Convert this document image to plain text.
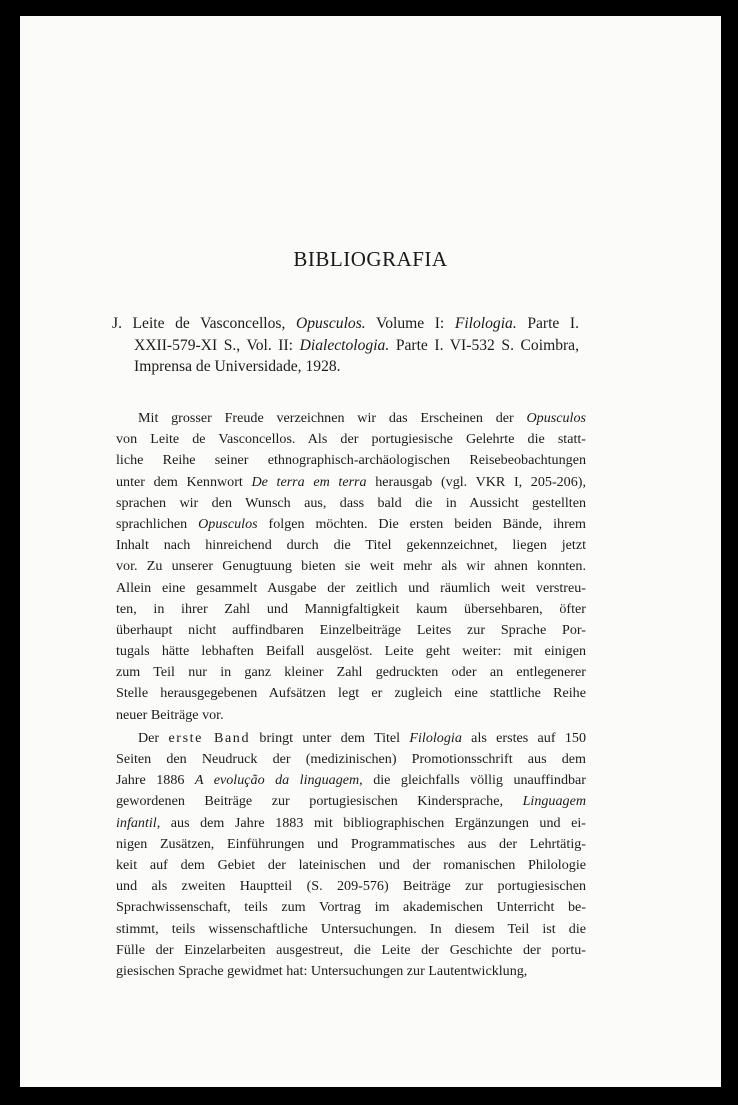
BIBLIOGRAFIA
J. Leite de Vasconcellos, Opusculos. Volume I: Filologia. Parte I.
XXII-579-XI S., Vol. II: Dialectologia. Parte I. VI-532 S. Coimbra,
Imprensa de Universidade, 1928.
Mit grosser Freude verzeichnen wir das Erscheinen der Opusculos
von Leite de Vasconcellos. Als der portugiesische Gelehrte die statt-
liche Reihe seiner ethnographisch-archäologischen Reisebeobachtungen
unter dem Kennwort De terra em terra herausgab (vgl. VKR I, 205-206),
sprachen wir den Wunsch aus, dass bald die in Aussicht gestellten
sprachlichen Opusculos folgen möchten. Die ersten beiden Bände, ihrem
Inhalt nach hinreichend durch die Titel gekennzeichnet, liegen jetzt
vor. Zu unserer Genugtuung bieten sie weit mehr als wir ahnen konnten.
Allein eine gesammelt Ausgabe der zeitlich und räumlich weit verstreu-
ten, in ihrer Zahl und Mannigfaltigkeit kaum übersehbaren, öfter
überhaupt nicht auffindbaren Einzelbeiträge Leites zur Sprache Por-
tugals hätte lebhaften Beifall ausgelöst. Leite geht weiter: mit einigen
zum Teil nur in ganz kleiner Zahl gedruckten oder an entlegenerer
Stelle herausgegebenen Aufsätzen legt er zugleich eine stattliche Reihe
neuer Beiträge vor.
Der erste Band bringt unter dem Titel Filologia als erstes auf 150
Seiten den Neudruck der (medizinischen) Promotionsschrift aus dem
Jahre 1886 A evolução da linguagem, die gleichfalls völlig unauffindbar
gewordenen Beiträge zur portugiesischen Kindersprache, Linguagem
infantil, aus dem Jahre 1883 mit bibliographischen Ergänzungen und ei-
nigen Zusätzen, Einführungen und Programmatisches aus der Lehrtätig-
keit auf dem Gebiet der lateinischen und der romanischen Philologie
und als zweiten Hauptteil (S. 209-576) Beiträge zur portugiesischen
Sprachwissenschaft, teils zum Vortrag im akademischen Unterricht be-
stimmt, teils wissenschaftliche Untersuchungen. In diesem Teil ist die
Fülle der Einzelarbeiten ausgestreut, die Leite der Geschichte der portu-
giesischen Sprache gewidmet hat: Untersuchungen zur Lautentwicklung,
